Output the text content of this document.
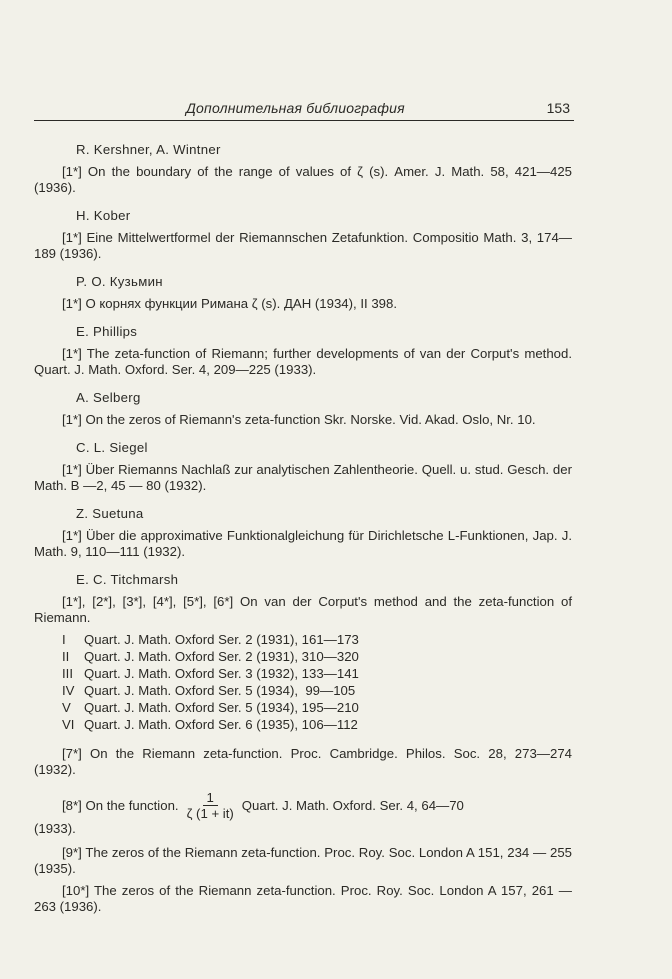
Дополнительная библиография	153
R. Kershner, A. Wintner
[1*] On the boundary of the range of values of ζ (s). Amer. J. Math. 58, 421—425 (1936).
H. Kober
[1*] Eine Mittelwertformel der Riemannschen Zetafunktion. Compositio Math. 3, 174—189 (1936).
P. О. Кузьмин
[1*] О корнях функции Римана ζ (s). ДАН (1934), II 398.
E. Phillips
[1*] The zeta-function of Riemann; further developments of van der Corput's method. Quart. J. Math. Oxford. Ser. 4, 209—225 (1933).
A. Selberg
[1*] On the zeros of Riemann's zeta-function Skr. Norske. Vid. Akad. Oslo, Nr. 10.
C. L. Siegel
[1*] Über Riemanns Nachlaß zur analytischen Zahlentheorie. Quell. u. stud. Gesch. der Math. B —2, 45 — 80 (1932).
Z. Suetuna
[1*] Über die approximative Funktionalgleichung für Dirichletsche L-Funktionen, Jap. J. Math. 9, 110—111 (1932).
E. C. Titchmarsh
[1*], [2*], [3*], [4*], [5*], [6*] On van der Corput's method and the zeta-function of Riemann.
I	Quart. J. Math. Oxford Ser. 2 (1931), 161—173
II	Quart. J. Math. Oxford Ser. 2 (1931), 310—320
III Quart. J. Math. Oxford Ser. 3 (1932), 133—141
IV Quart. J. Math. Oxford Ser. 5 (1934),  99—105
V	Quart. J. Math. Oxford Ser. 5 (1934), 195—210
VI Quart. J. Math. Oxford Ser. 6 (1935), 106—112
[7*] On the Riemann zeta-function. Proc. Cambridge. Philos. Soc. 28, 273—274 (1932).
[8*] On the function. $\frac{1}{\zeta (1 + it)}$ Quart. J. Math. Oxford. Ser. 4, 64—70
(1933).
[9*] The zeros of the Riemann zeta-function. Proc. Roy. Soc. London A 151, 234 — 255 (1935).
[10*] The zeros of the Riemann zeta-function. Proc. Roy. Soc. London A 157, 261 — 263 (1936).
